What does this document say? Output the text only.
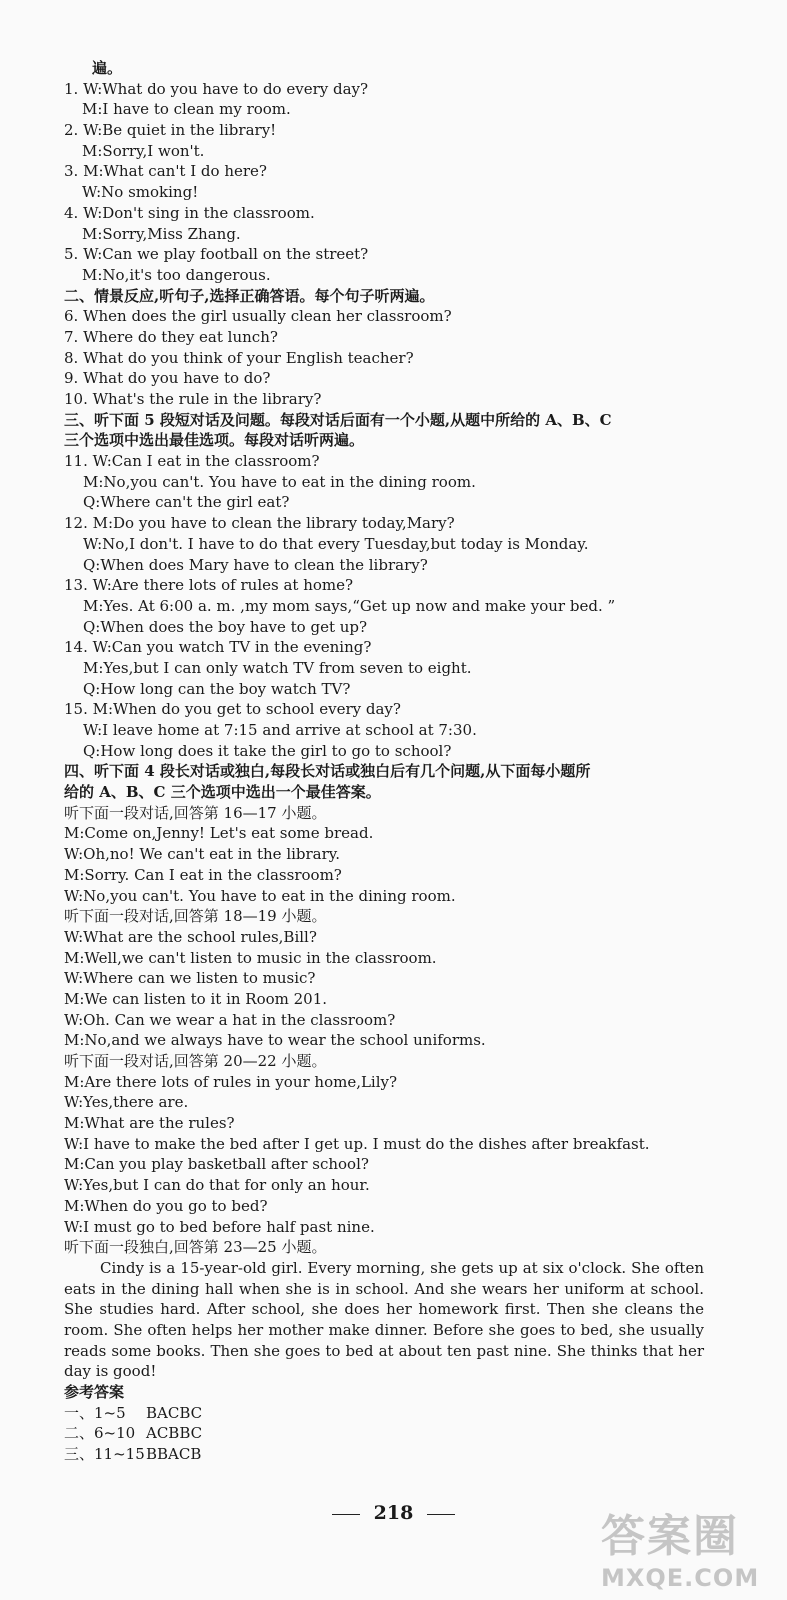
遍。
1. W:What do you have to do every day?
M:I have to clean my room.
2. W:Be quiet in the library!
M:Sorry,I won't.
3. M:What can't I do here?
W:No smoking!
4. W:Don't sing in the classroom.
M:Sorry,Miss Zhang.
5. W:Can we play football on the street?
M:No,it's too dangerous.
二、情景反应,听句子,选择正确答语。每个句子听两遍。
6. When does the girl usually clean her classroom?
7. Where do they eat lunch?
8. What do you think of your English teacher?
9. What do you have to do?
10. What's the rule in the library?
三、听下面 5 段短对话及问题。每段对话后面有一个小题,从题中所给的 A、B、C
三个选项中选出最佳选项。每段对话听两遍。
11. W:Can I eat in the classroom?
M:No,you can't. You have to eat in the dining room.
Q:Where can't the girl eat?
12. M:Do you have to clean the library today,Mary?
W:No,I don't. I have to do that every Tuesday,but today is Monday.
Q:When does Mary have to clean the library?
13. W:Are there lots of rules at home?
M:Yes. At 6:00 a. m. ,my mom says,“Get up now and make your bed. ”
Q:When does the boy have to get up?
14. W:Can you watch TV in the evening?
M:Yes,but I can only watch TV from seven to eight.
Q:How long can the boy watch TV?
15. M:When do you get to school every day?
W:I leave home at 7:15 and arrive at school at 7:30.
Q:How long does it take the girl to go to school?
四、听下面 4 段长对话或独白,每段长对话或独白后有几个问题,从下面每小题所
给的 A、B、C 三个选项中选出一个最佳答案。
听下面一段对话,回答第 16—17 小题。
M:Come on,Jenny! Let's eat some bread.
W:Oh,no! We can't eat in the library.
M:Sorry. Can I eat in the classroom?
W:No,you can't. You have to eat in the dining room.
听下面一段对话,回答第 18—19 小题。
W:What are the school rules,Bill?
M:Well,we can't listen to music in the classroom.
W:Where can we listen to music?
M:We can listen to it in Room 201.
W:Oh. Can we wear a hat in the classroom?
M:No,and we always have to wear the school uniforms.
听下面一段对话,回答第 20—22 小题。
M:Are there lots of rules in your home,Lily?
W:Yes,there are.
M:What are the rules?
W:I have to make the bed after I get up. I must do the dishes after breakfast.
M:Can you play basketball after school?
W:Yes,but I can do that for only an hour.
M:When do you go to bed?
W:I must go to bed before half past nine.
听下面一段独白,回答第 23—25 小题。

Cindy is a 15-year-old girl. Every morning, she gets up at six o'clock. She often eats in the dining hall when she is in school. And she wears her uniform at school. She studies hard. After school, she does her homework first. Then she cleans the room. She often helps her mother make dinner. Before she goes to bed, she usually reads some books. Then she goes to bed at about ten past nine. She thinks that her day is good!

参考答案
一、1~5 BACBC
二、6~10 ACBBC
三、11~15BBACB
218	答案圈
MXQE.COM
